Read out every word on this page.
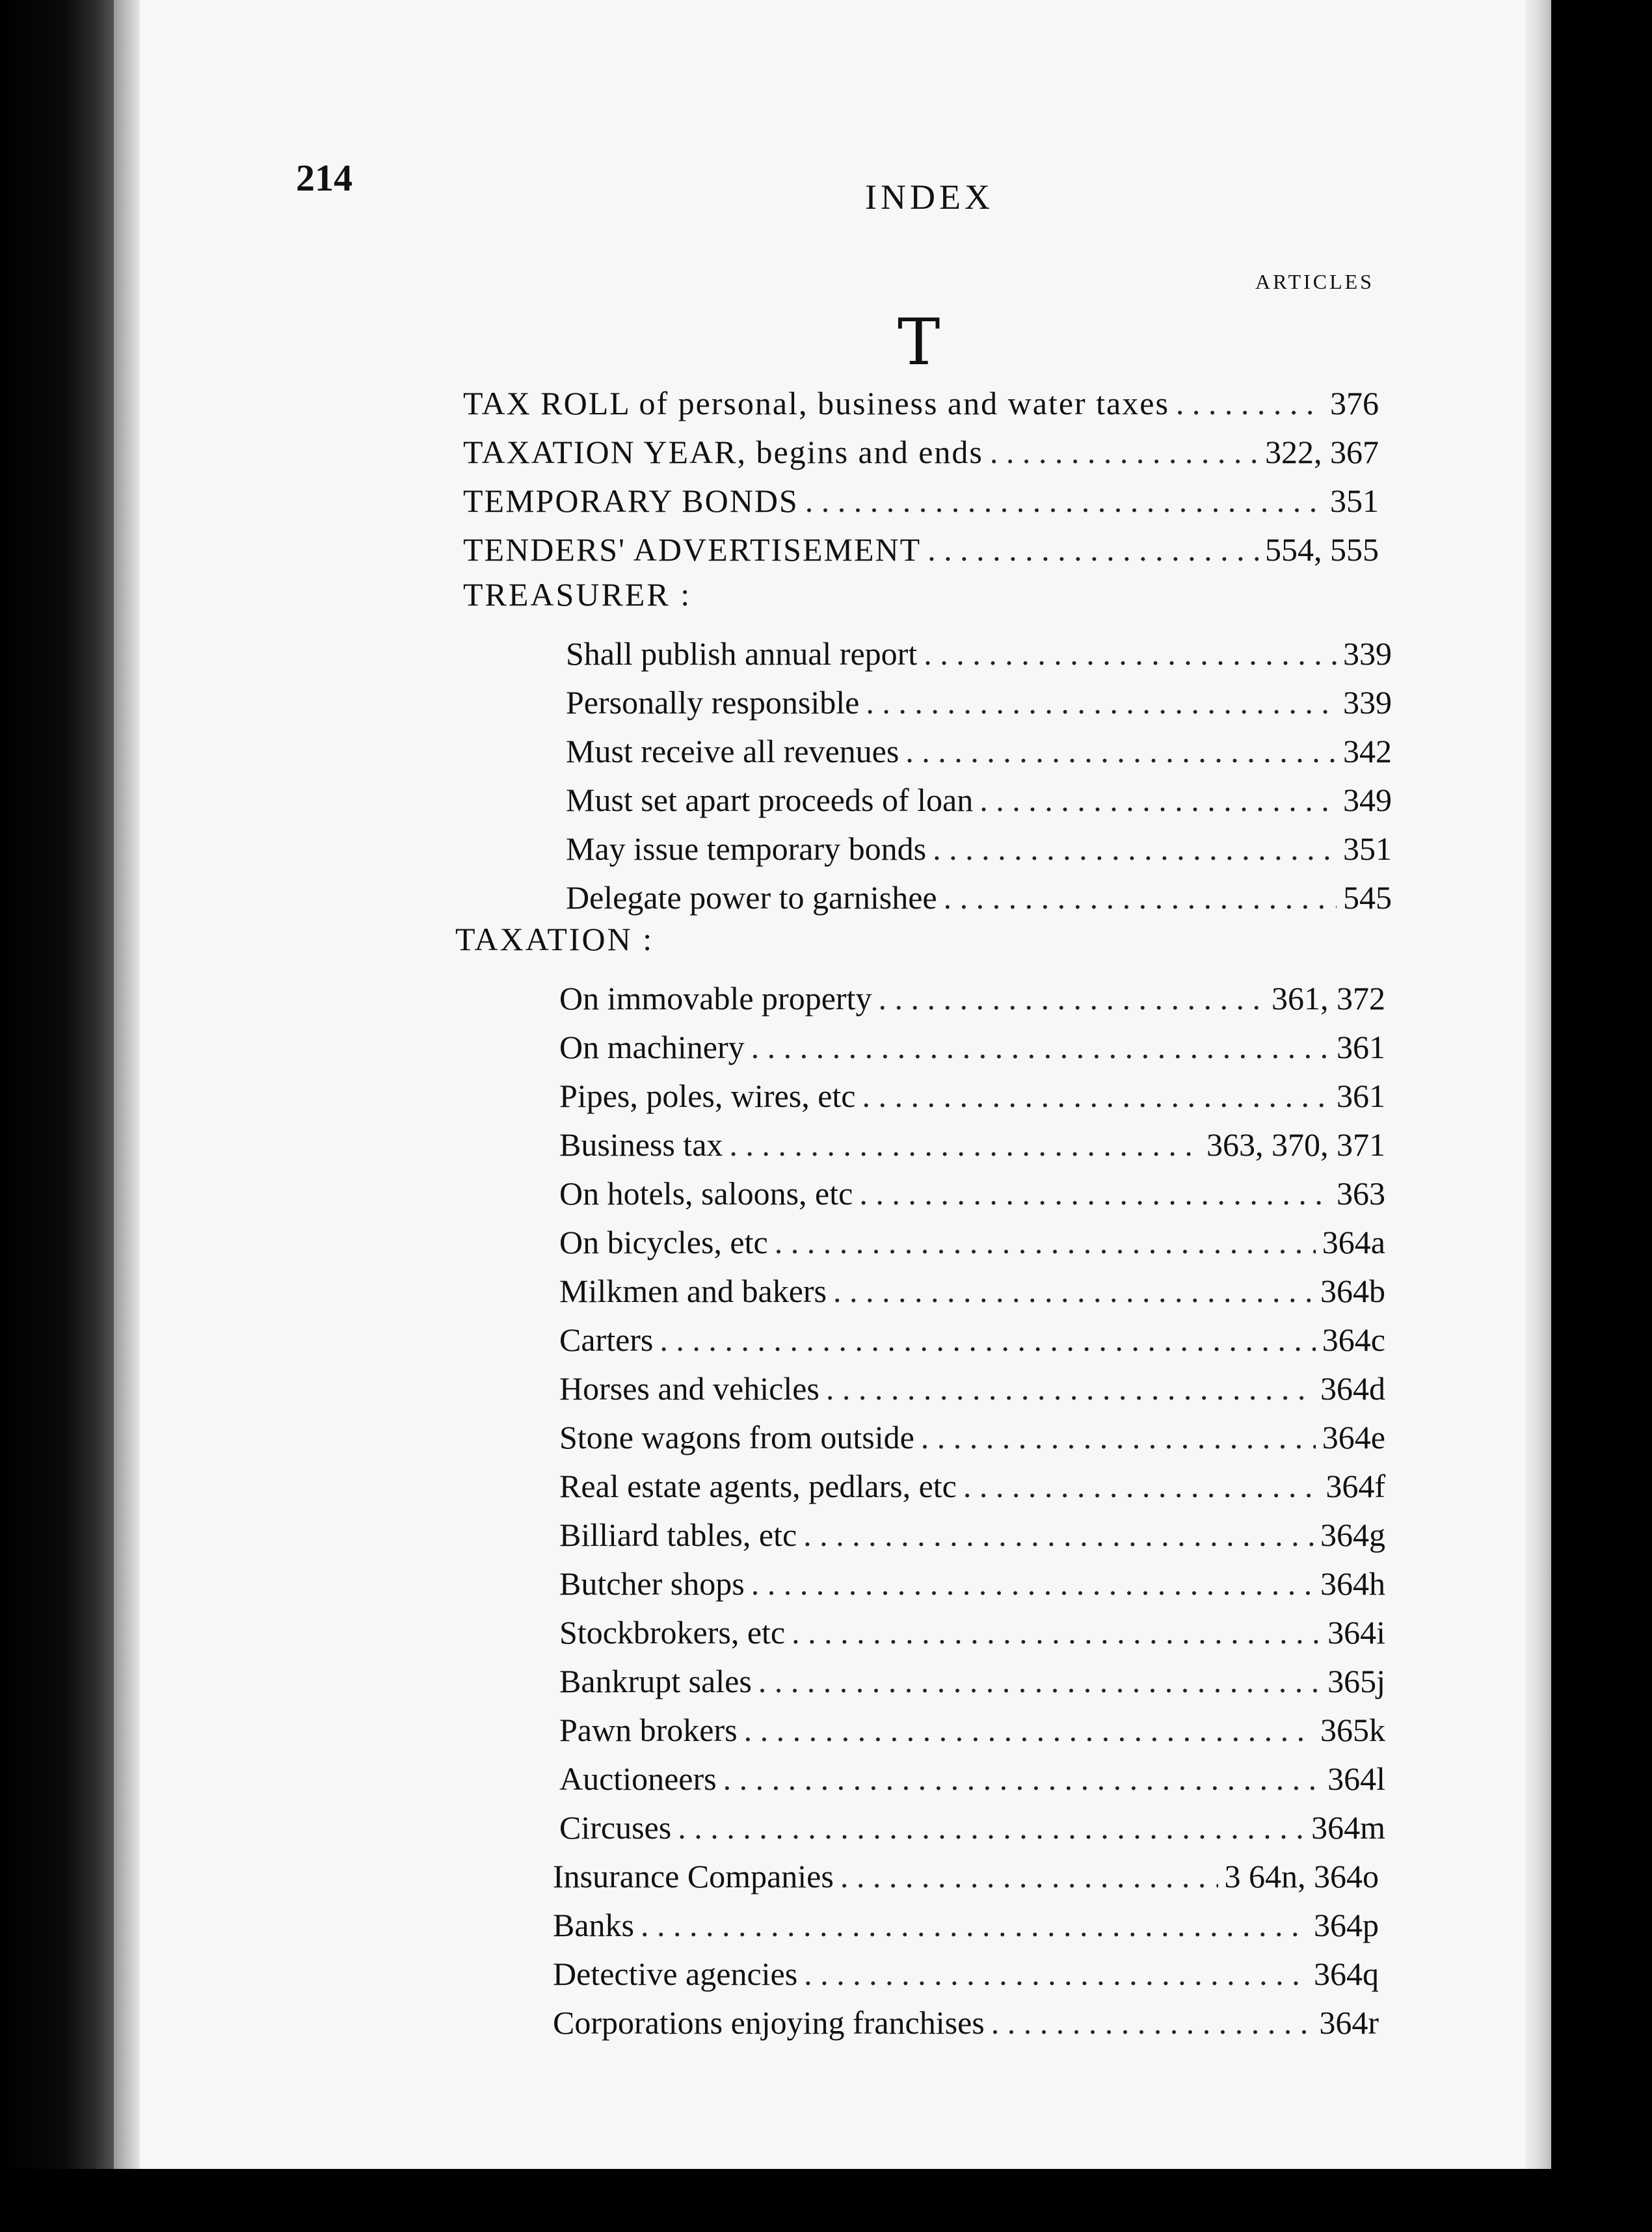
214	INDEX
ARTICLES
T
TAX ROLL of personal, business and water taxes . . .	376
TAXATION YEAR, begins and ends . . .	322, 367
TEMPORARY BONDS . . .	351
TENDERS' ADVERTISEMENT . . .	554, 555
TREASURER :
Shall publish annual report . . .	339
Personally responsible . . .	339
Must receive all revenues . . .	342
Must set apart proceeds of loan . . .	349
May issue temporary bonds . . .	351
Delegate power to garnishee . . .	545
TAXATION :
On immovable property . . .	361, 372
On machinery . . .	361
Pipes, poles, wires, etc . . .	361
Business tax . . .	363, 370, 371
On hotels, saloons, etc . . .	363
On bicycles, etc . . .	364a
Milkmen and bakers . . .	364b
Carters . . .	364c
Horses and vehicles . . .	364d
Stone wagons from outside . . .	364e
Real estate agents, pedlars, etc . . .	364f
Billiard tables, etc . . .	364g
Butcher shops . . .	364h
Stockbrokers, etc . . .	364i
Bankrupt sales . . .	365j
Pawn brokers . . .	365k
Auctioneers . . .	364l
Circuses . . .	364m
Insurance Companies . . .	3 64n, 364o
Banks . . .	364p
Detective agencies . . .	364q
Corporations enjoying franchises . . .	364r
